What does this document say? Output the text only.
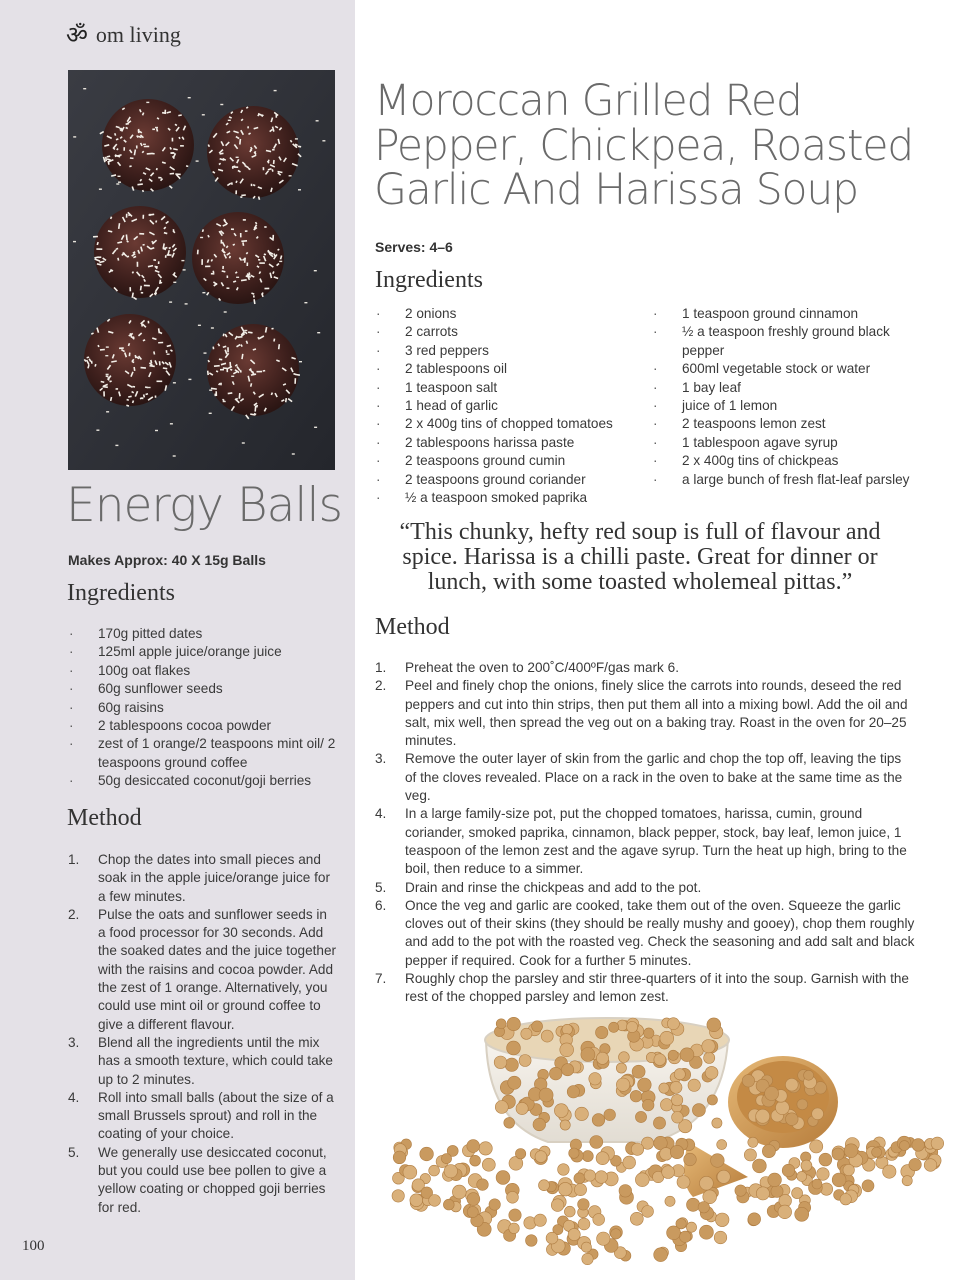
ॐ om living
Energy Balls
Makes Approx: 40 X 15g Balls
Ingredients
· 170g pitted dates
· 125ml apple juice/orange juice
· 100g oat flakes
· 60g sunflower seeds
· 60g raisins
· 2 tablespoons cocoa powder
· zest of 1 orange/2 teaspoons mint oil/ 2 teaspoons ground coffee
· 50g desiccated coconut/goji berries
Method
1. Chop the dates into small pieces and soak in the apple juice/orange juice for a few minutes.
2. Pulse the oats and sunflower seeds in a food processor for 30 seconds. Add the soaked dates and the juice together with the raisins and cocoa powder. Add the zest of 1 orange. Alternatively, you could use mint oil or ground coffee to give a different flavour.
3. Blend all the ingredients until the mix has a smooth texture, which could take up to 2 minutes.
4. Roll into small balls (about the size of a small Brussels sprout) and roll in the coating of your choice.
5. We generally use desiccated coconut, but you could use bee pollen to give a yellow coating or chopped goji berries for red.
100
Moroccan Grilled Red Pepper, Chickpea, Roasted Garlic And Harissa Soup
Serves: 4–6
Ingredients
· 2 onions
· 2 carrots
· 3 red peppers
· 2 tablespoons oil
· 1 teaspoon salt
· 1 head of garlic
· 2 x 400g tins of chopped tomatoes
· 2 tablespoons harissa paste
· 2 teaspoons ground cumin
· 2 teaspoons ground coriander
· ½ a teaspoon smoked paprika
· 1 teaspoon ground cinnamon
· ½ a teaspoon freshly ground black pepper
· 600ml vegetable stock or water
· 1 bay leaf
· juice of 1 lemon
· 2 teaspoons lemon zest
· 1 tablespoon agave syrup
· 2 x 400g tins of chickpeas
· a large bunch of fresh flat-leaf parsley
“This chunky, hefty red soup is full of flavour and spice. Harissa is a chilli paste. Great for dinner or lunch, with some toasted wholemeal pittas.”
Method
1. Preheat the oven to 200˚C/400ºF/gas mark 6.
2. Peel and finely chop the onions, finely slice the carrots into rounds, deseed the red peppers and cut into thin strips, then put them all into a mixing bowl. Add the oil and salt, mix well, then spread the veg out on a baking tray. Roast in the oven for 20–25 minutes.
3. Remove the outer layer of skin from the garlic and chop the top off, leaving the tips of the cloves revealed. Place on a rack in the oven to bake at the same time as the veg.
4. In a large family-size pot, put the chopped tomatoes, harissa, cumin, ground coriander, smoked paprika, cinnamon, black pepper, stock, bay leaf, lemon juice, 1 teaspoon of the lemon zest and the agave syrup. Turn the heat up high, bring to the boil, then reduce to a simmer.
5. Drain and rinse the chickpeas and add to the pot.
6. Once the veg and garlic are cooked, take them out of the oven. Squeeze the garlic cloves out of their skins (they should be really mushy and gooey), chop them roughly and add to the pot with the roasted veg. Check the seasoning and add salt and black pepper if required. Cook for a further 5 minutes.
7. Roughly chop the parsley and stir three-quarters of it into the soup. Garnish with the rest of the chopped parsley and lemon zest.
